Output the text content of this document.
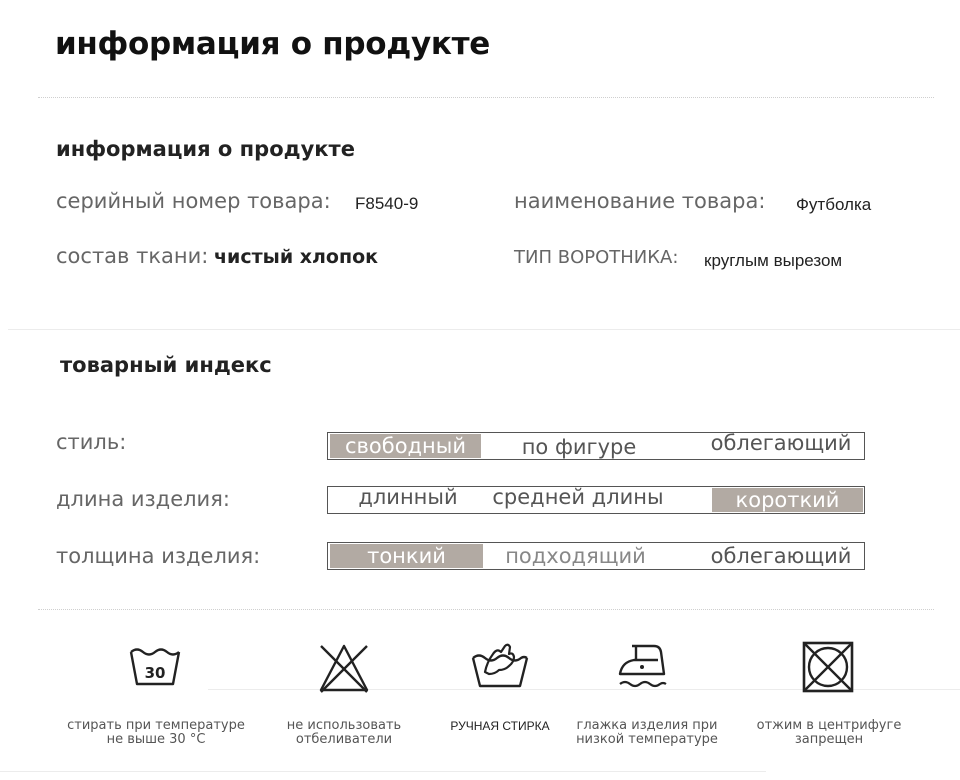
информация о продукте
информация о продукте
серийный номер товара: F8540-9	наименование товара: Футболка
состав ткани: чистый хлопок	ТИП ВОРОТНИКА: круглым вырезом
товарный индекс
стиль:	свободный	по фигуре	облегающий
длина изделия:	длинный	средней длины	короткий
толщина изделия:	тонкий	подходящий	облегающий
30
стирать при температуре
не выше 30 °C
не использовать
отбеливатели
РУЧНАЯ СТИРКА	глажка изделия при
низкой температуре
отжим в центрифуге
запрещен
